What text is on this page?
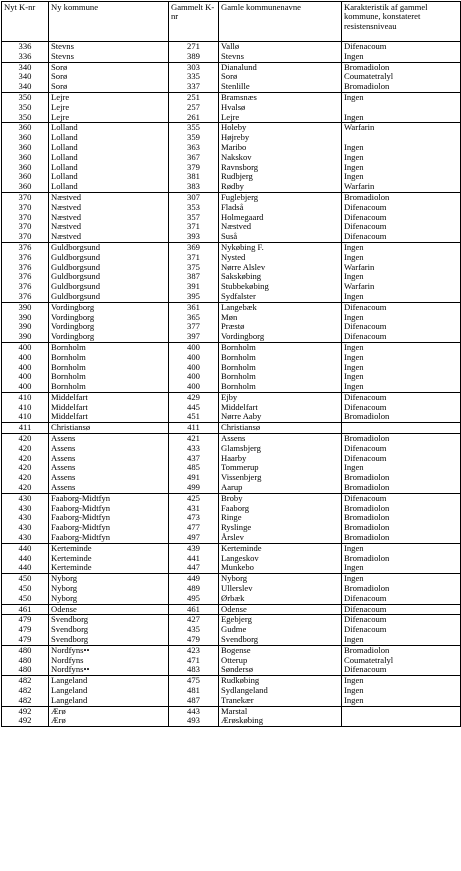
Nyt K-nr	Ny kommune	Gammelt K-nr	Gamle kommunenavne	Karakteristik af gammel kommune, konstateret resistensniveau
336	Stevns	271	Vallø	Difenacoum
336	Stevns	389	Stevns	Ingen
340	Sorø	303	Dianalund	Bromadiolon
340	Sorø	335	Sorø	Coumatetralyl
340	Sorø	337	Stenlille	Bromadiolon
350	Lejre	251	Bramsnæs	Ingen
350	Lejre	257	Hvalsø	
350	Lejre	261	Lejre	Ingen
360	Lolland	355	Holeby	Warfarin
360	Lolland	359	Højreby	
360	Lolland	363	Maribo	Ingen
360	Lolland	367	Nakskov	Ingen
360	Lolland	379	Ravnsborg	Ingen
360	Lolland	381	Rudbjerg	Ingen
360	Lolland	383	Rødby	Warfarin
370	Næstved	307	Fuglebjerg	Bromadiolon
370	Næstved	353	Fladså	Difenacoum
370	Næstved	357	Holmegaard	Difenacoum
370	Næstved	371	Næstved	Difenacoum
370	Næstved	393	Suså	Difenacoum
376	Guldborgsund	369	Nykøbing F.	Ingen
376	Guldborgsund	371	Nysted	Ingen
376	Guldborgsund	375	Nørre Alslev	Warfarin
376	Guldborgsund	387	Sakskøbing	Ingen
376	Guldborgsund	391	Stubbekøbing	Warfarin
376	Guldborgsund	395	Sydfalster	Ingen
390	Vordingborg	361	Langebæk	Difenacoum
390	Vordingborg	365	Møn	Ingen
390	Vordingborg	377	Præstø	Difenacoum
390	Vordingborg	397	Vordingborg	Difenacoum
400	Bornholm	400	Bornholm	Ingen
400	Bornholm	400	Bornholm	Ingen
400	Bornholm	400	Bornholm	Ingen
400	Bornholm	400	Bornholm	Ingen
400	Bornholm	400	Bornholm	Ingen
410	Middelfart	429	Ejby	Difenacoum
410	Middelfart	445	Middelfart	Difenacoum
410	Middelfart	451	Nørre Aaby	Bromadiolon
411	Christiansø	411	Christiansø	
420	Assens	421	Assens	Bromadiolon
420	Assens	433	Glamsbjerg	Difenacoum
420	Assens	437	Haarby	Difenacoum
420	Assens	485	Tommerup	Ingen
420	Assens	491	Vissenbjerg	Bromadiolon
420	Assens	499	Aarup	Bromadiolon
430	Faaborg-Midtfyn	425	Broby	Difenacoum
430	Faaborg-Midtfyn	431	Faaborg	Bromadiolon
430	Faaborg-Midtfyn	473	Ringe	Bromadiolon
430	Faaborg-Midtfyn	477	Ryslinge	Bromadiolon
430	Faaborg-Midtfyn	497	Årslev	Bromadiolon
440	Kerteminde	439	Kerteminde	Ingen
440	Kerteminde	441	Langeskov	Bromadiolon
440	Kerteminde	447	Munkebo	Ingen
450	Nyborg	449	Nyborg	Ingen
450	Nyborg	489	Ullerslev	Bromadiolon
450	Nyborg	495	Ørbæk	Difenacoum
461	Odense	461	Odense	Difenacoum
479	Svendborg	427	Egebjerg	Difenacoum
479	Svendborg	435	Gudme	Difenacoum
479	Svendborg	479	Svendborg	Ingen
480	Nordfyns••	423	Bogense	Bromadiolon
480	Nordfyns	471	Otterup	Coumatetralyl
480	Nordfyns••	483	Søndersø	Difenacoum
482	Langeland	475	Rudkøbing	Ingen
482	Langeland	481	Sydlangeland	Ingen
482	Langeland	487	Tranekær	Ingen
492	Ærø	443	Marstal	
492	Ærø	493	Ærøskøbing	
